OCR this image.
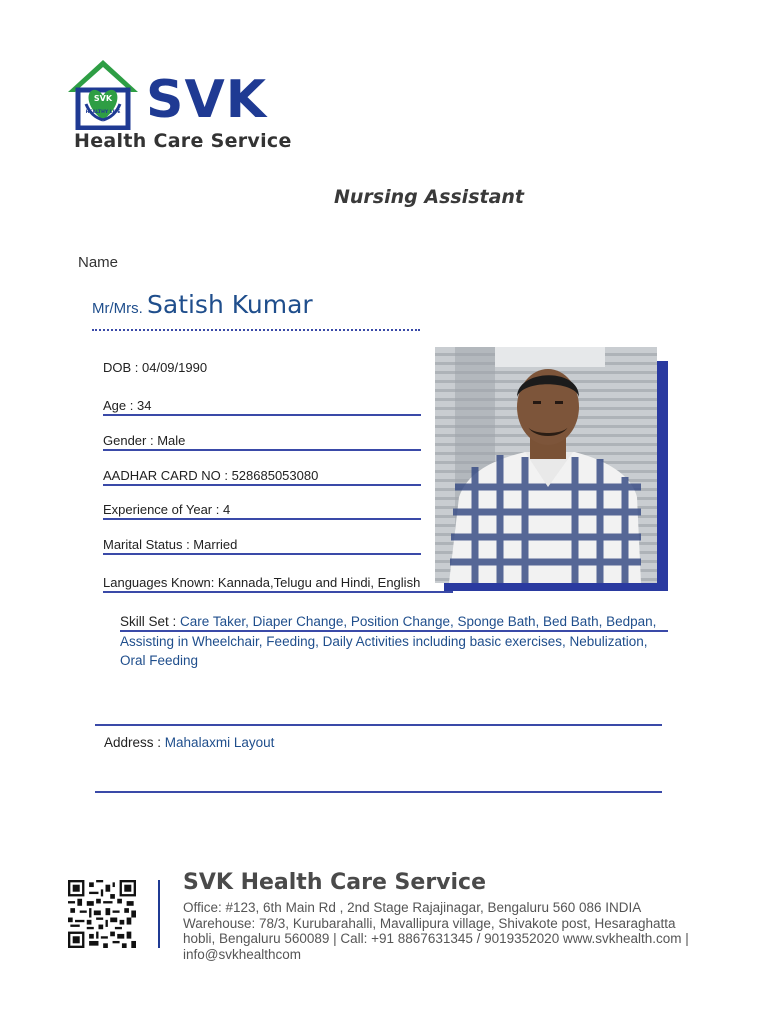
SVK
HEALTHY LIFE SVK
Health Care Service
Nursing Assistant
Name
Mr/Mrs. Satish Kumar
DOB : 04/09/1990
Age : 34
Gender : Male
AADHAR CARD NO : 528685053080
Experience of Year : 4
Marital Status : Married
Languages Known: Kannada,Telugu and Hindi, English
Skill Set : Care Taker, Diaper Change, Position Change, Sponge Bath, Bed Bath, Bedpan, Assisting in Wheelchair, Feeding, Daily Activities including basic exercises, Nebulization, Oral Feeding
Address : Mahalaxmi Layout
SVK Health Care Service
Office: #123, 6th Main Rd , 2nd Stage Rajajinagar, Bengaluru 560 086 INDIA Warehouse: 78/3, Kurubarahalli, Mavallipura village, Shivakote post, Hesaraghatta hobli, Bengaluru 560089 | Call: +91 8867631345 / 9019352020 www.svkhealth.com | info@svkhealthcom
